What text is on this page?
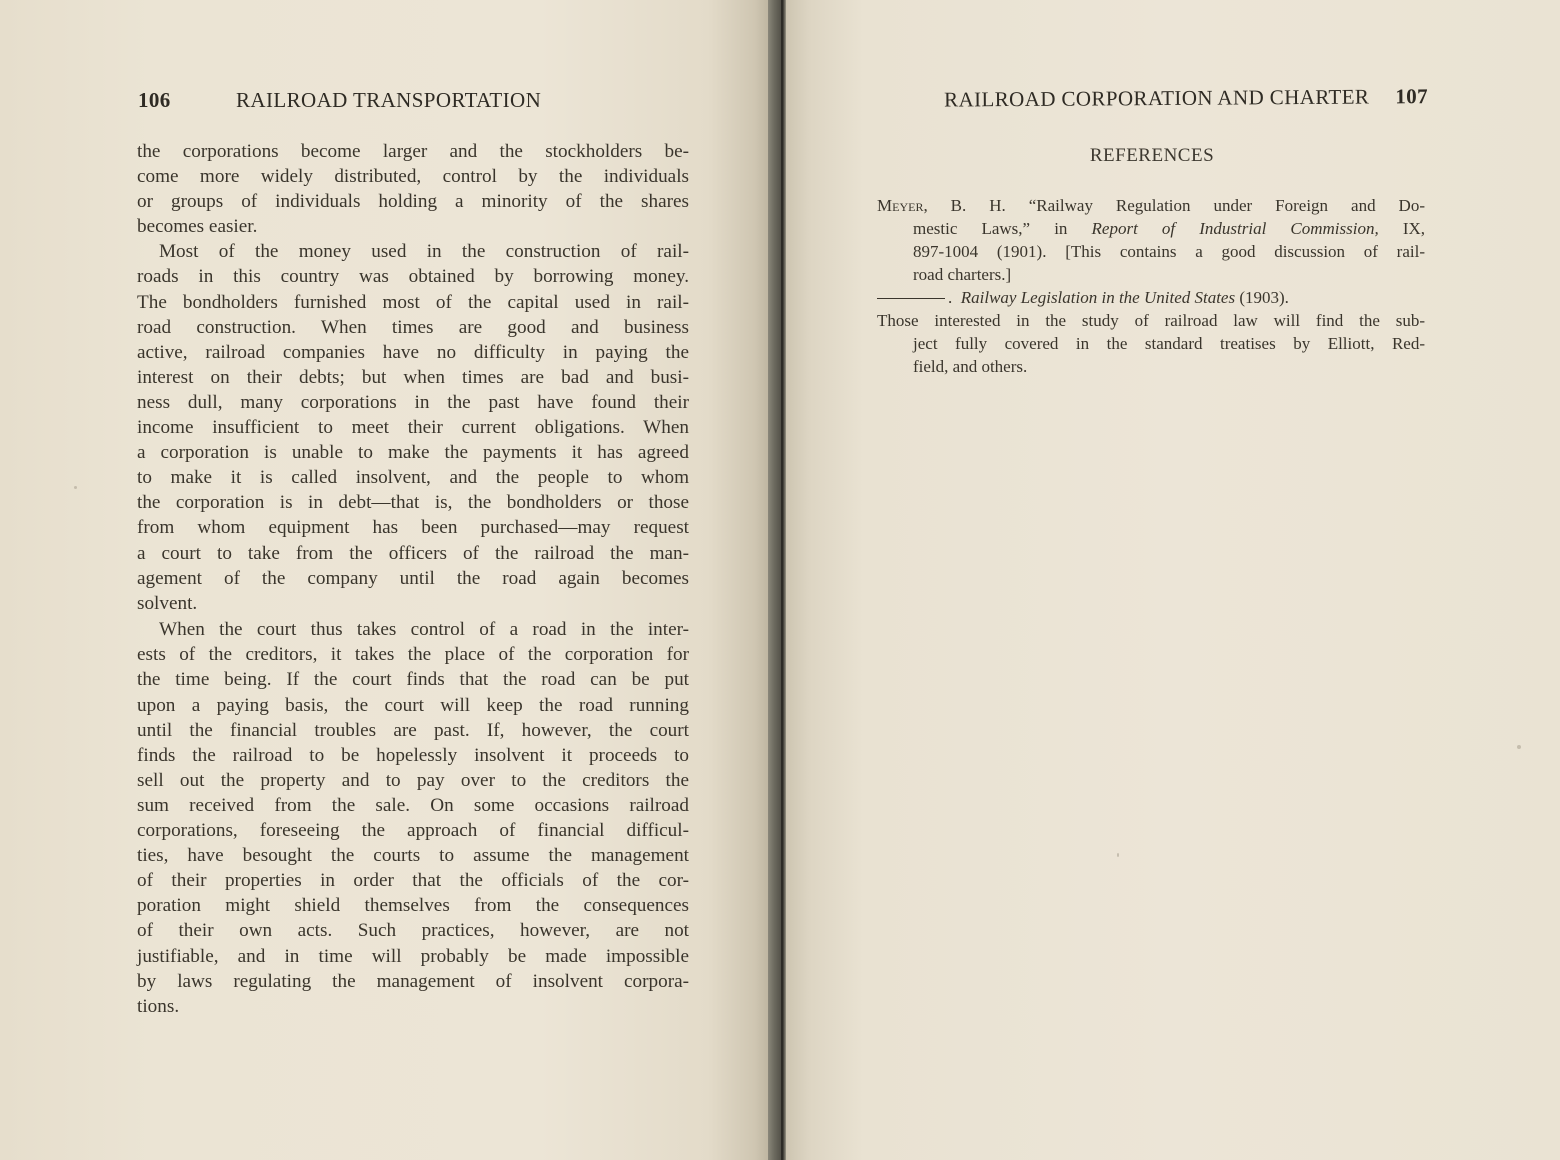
106	RAILROAD TRANSPORTATION
the corporations become larger and the stockholders be-
come more widely distributed, control by the individuals
or groups of individuals holding a minority of the shares
becomes easier.
Most of the money used in the construction of rail-
roads in this country was obtained by borrowing money.
The bondholders furnished most of the capital used in rail-
road construction. When times are good and business
active, railroad companies have no difficulty in paying the
interest on their debts; but when times are bad and busi-
ness dull, many corporations in the past have found their
income insufficient to meet their current obligations. When
a corporation is unable to make the payments it has agreed
to make it is called insolvent, and the people to whom
the corporation is in debt—that is, the bondholders or those
from whom equipment has been purchased—may request
a court to take from the officers of the railroad the man-
agement of the company until the road again becomes
solvent.
When the court thus takes control of a road in the inter-
ests of the creditors, it takes the place of the corporation for
the time being. If the court finds that the road can be put
upon a paying basis, the court will keep the road running
until the financial troubles are past. If, however, the court
finds the railroad to be hopelessly insolvent it proceeds to
sell out the property and to pay over to the creditors the
sum received from the sale. On some occasions railroad
corporations, foreseeing the approach of financial difficul-
ties, have besought the courts to assume the management
of their properties in order that the officials of the cor-
poration might shield themselves from the consequences
of their own acts. Such practices, however, are not
justifiable, and in time will probably be made impossible
by laws regulating the management of insolvent corpora-
tions.
RAILROAD CORPORATION AND CHARTER 107
REFERENCES
Meyer, B. H. “Railway Regulation under Foreign and Do-
mestic Laws,” in Report of Industrial Commission, IX,
897-1004 (1901). [This contains a good discussion of rail-
road charters.]
. Railway Legislation in the United States (1903).
Those interested in the study of railroad law will find the sub-
ject fully covered in the standard treatises by Elliott, Red-
field, and others.
